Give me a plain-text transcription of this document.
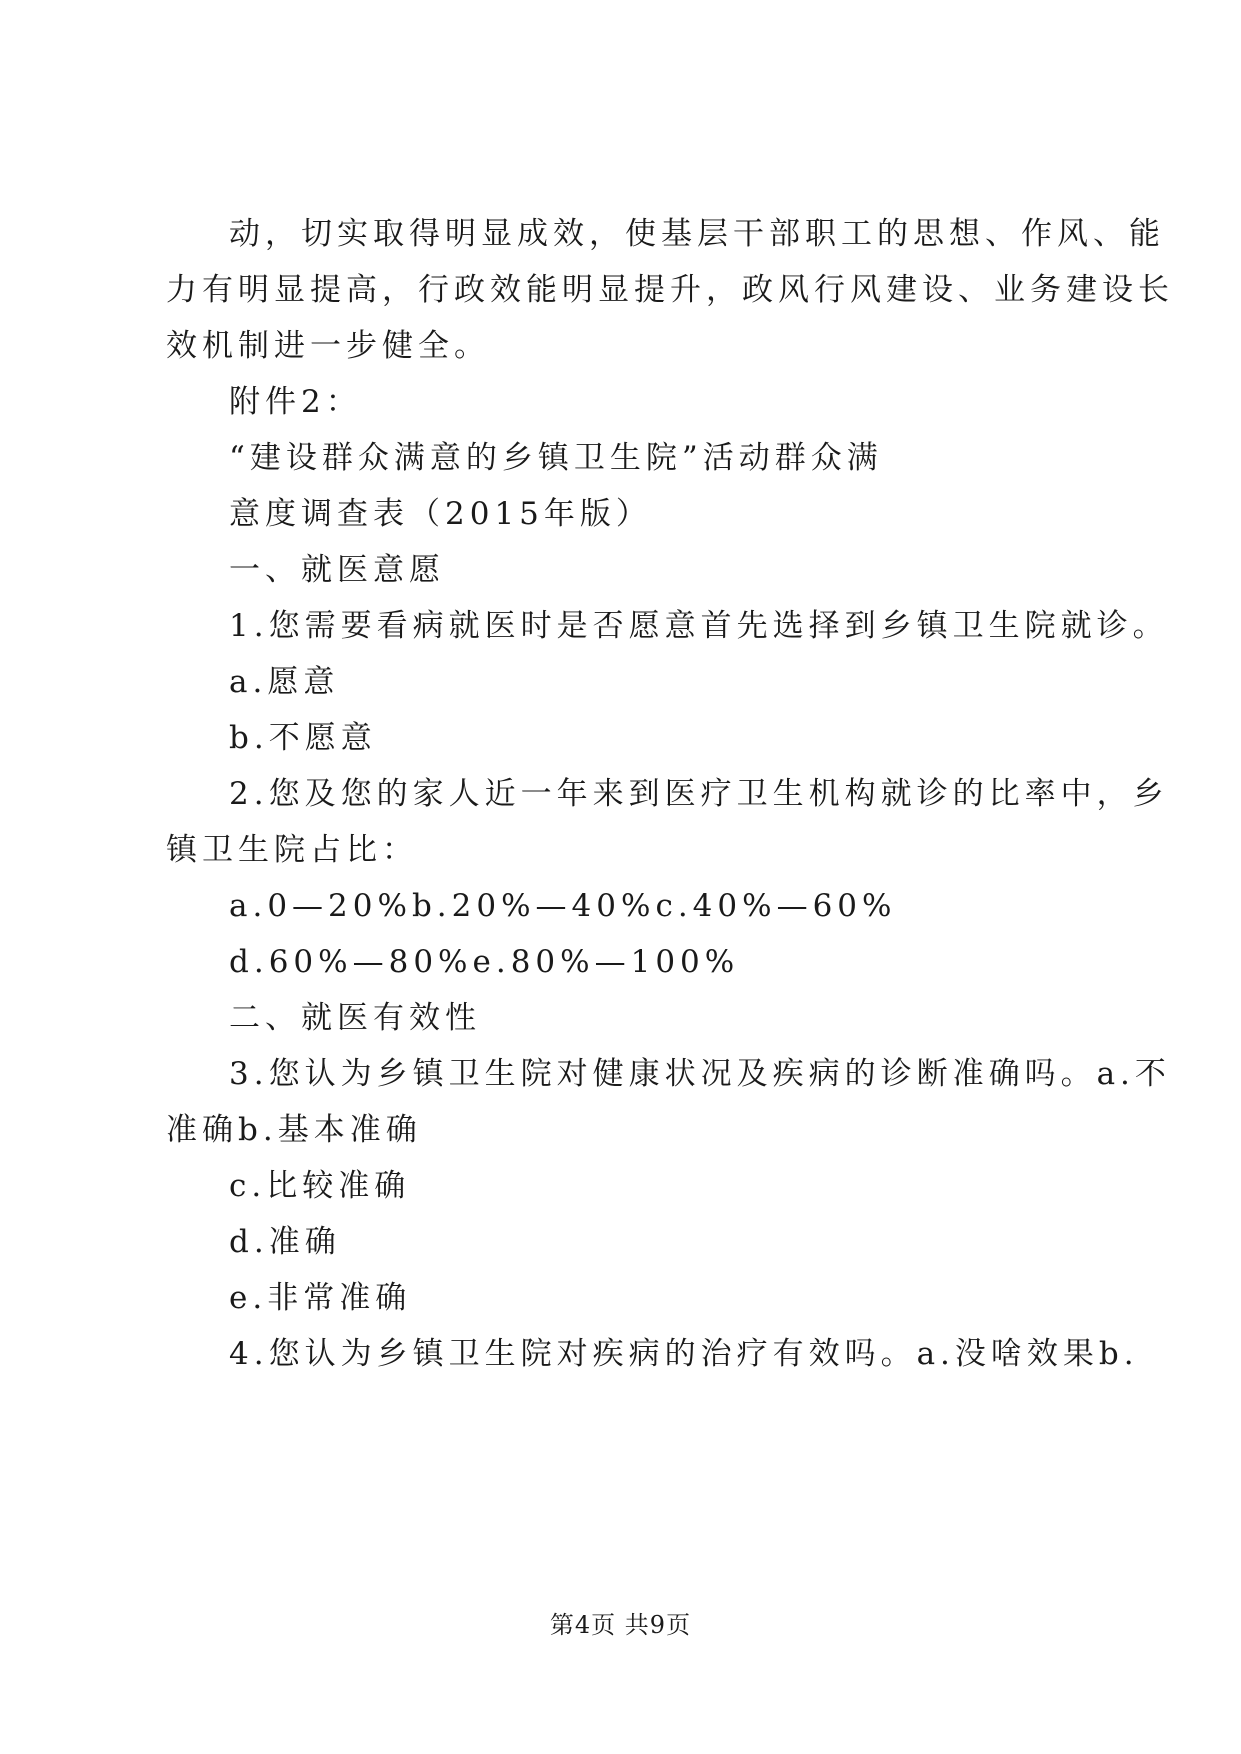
动，切实取得明显成效，使基层干部职工的思想、作风、能
力有明显提高，行政效能明显提升，政风行风建设、业务建设长
效机制进一步健全。
附件2：
“建设群众满意的乡镇卫生院”活动群众满
意度调查表（2015年版）
一、就医意愿
1.您需要看病就医时是否愿意首先选择到乡镇卫生院就诊。
a.愿意
b.不愿意
2.您及您的家人近一年来到医疗卫生机构就诊的比率中，乡
镇卫生院占比：
a.0—20%b.20%—40%c.40%—60%
d.60%—80%e.80%—100%
二、就医有效性
3.您认为乡镇卫生院对健康状况及疾病的诊断准确吗。a.不
准确b.基本准确
c.比较准确
d.准确
e.非常准确
4.您认为乡镇卫生院对疾病的治疗有效吗。a.没啥效果b.
第4页 共9页
